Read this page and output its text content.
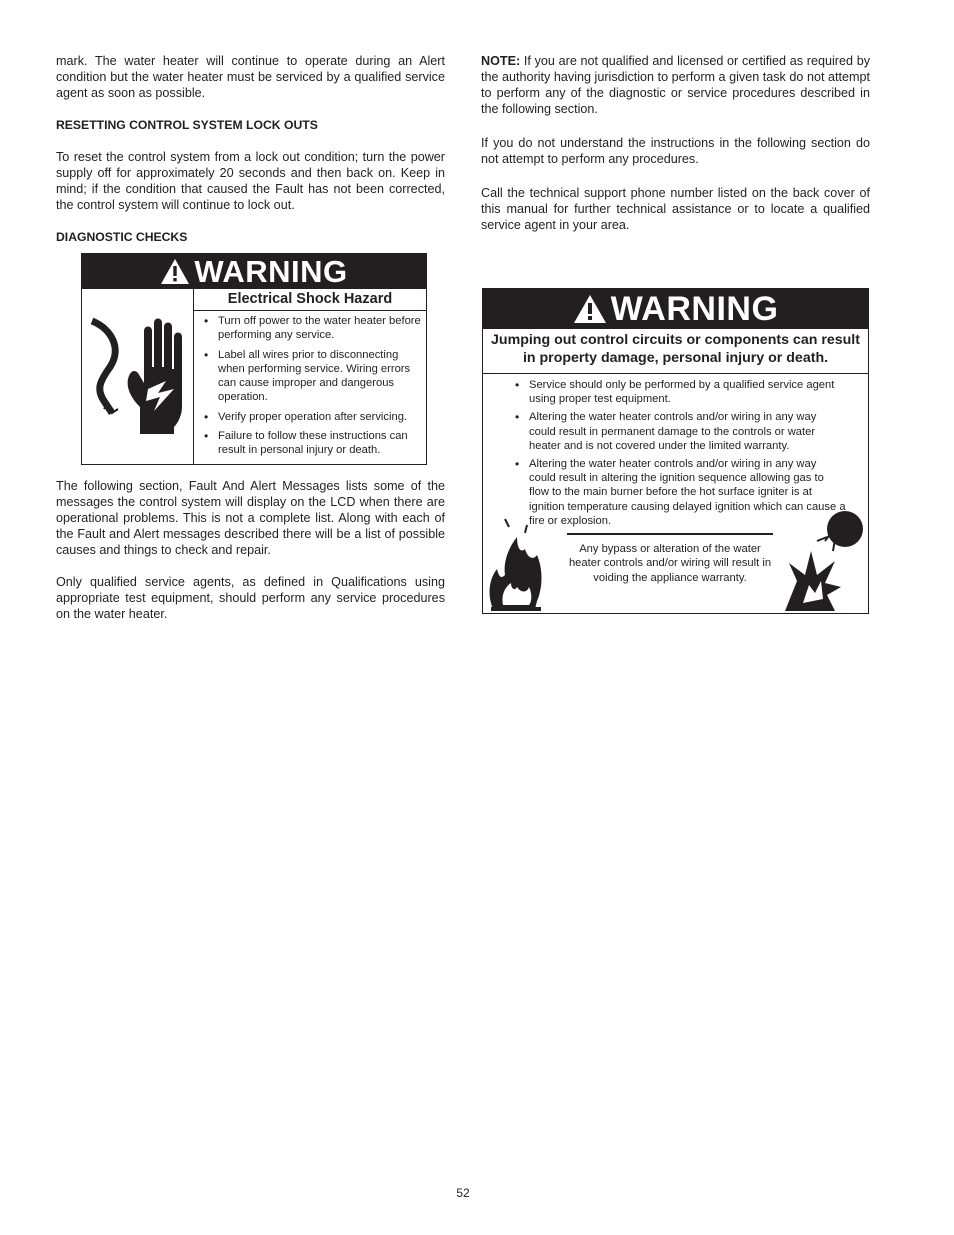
mark. The water heater will continue to operate during an Alert condition but the water heater must be serviced by a qualified service agent as soon as possible.

RESETTING CONTROL SYSTEM LOCK OUTS

To reset the control system from a lock out condition; turn the power supply off for approximately 20 seconds and then back on. Keep in mind; if the condition that caused the Fault has not been corrected, the control system will continue to lock out.

DIAGNOSTIC CHECKS
WARNING
Electrical Shock Hazard
• Turn off power to the water heater before performing any service.
• Label all wires prior to disconnecting when performing service. Wiring errors can cause improper and dangerous operation.
• Verify proper operation after servicing.
• Failure to follow these instructions can result in personal injury or death.

The following section, Fault And Alert Messages lists some of the messages the control system will display on the LCD when there are operational problems. This is not a complete list. Along with each of the Fault and Alert messages described there will be a list of possible causes and things to check and repair.

Only qualified service agents, as defined in Qualifications using appropriate test equipment, should perform any service procedures on the water heater.

NOTE: If you are not qualified and licensed or certified as required by the authority having jurisdiction to perform a given task do not attempt to perform any of the diagnostic or service procedures described in the following section.

If you do not understand the instructions in the following section do not attempt to perform any procedures.

Call the technical support phone number listed on the back cover of this manual for further technical assistance or to locate a qualified service agent in your area.

WARNING
Jumping out control circuits or components can result in property damage, personal injury or death.
• Service should only be performed by a qualified service agent using proper test equipment.
• Altering the water heater controls and/or wiring in any way could result in permanent damage to the controls or water heater and is not covered under the limited warranty.
• Altering the water heater controls and/or wiring in any way could result in altering the ignition sequence allowing gas to flow to the main burner before the hot surface igniter is at ignition temperature causing delayed ignition which can cause a fire or explosion.
Any bypass or alteration of the water heater controls and/or wiring will result in voiding the appliance warranty.
52
